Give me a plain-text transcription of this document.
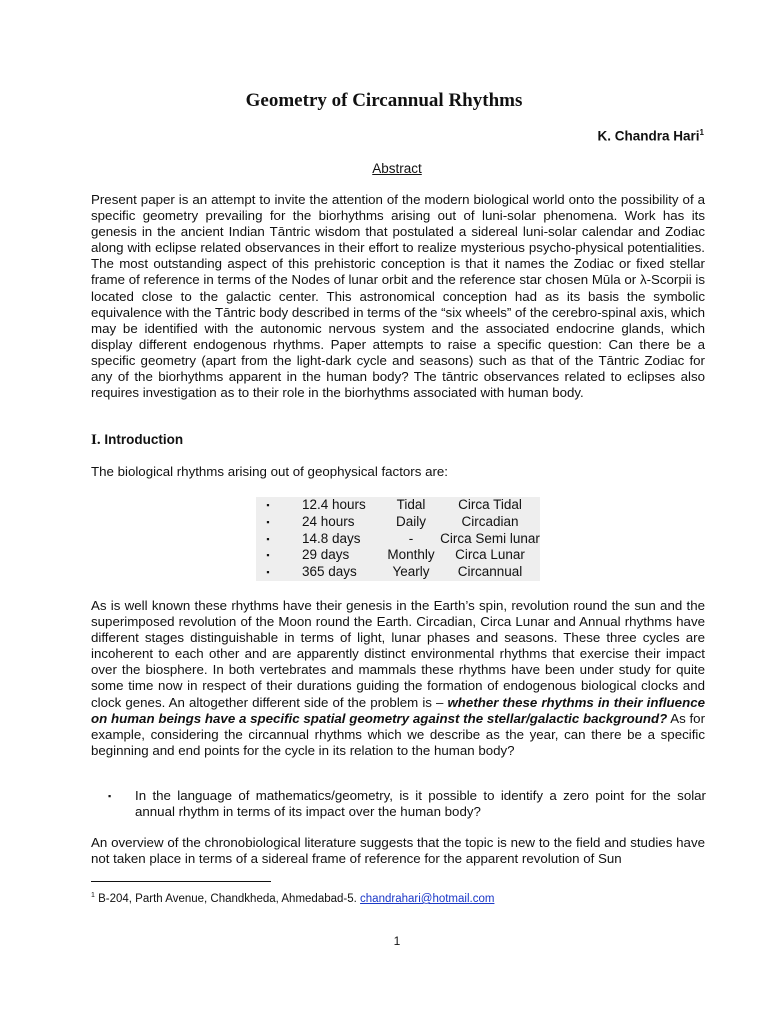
Geometry of Circannual Rhythms
K. Chandra Hari$^1$
Abstract

Present paper is an attempt to invite the attention of the modern biological world onto the possibility of a specific geometry prevailing for the biorhythms arising out of luni-solar phenomena. Work has its genesis in the ancient Indian Tāntric wisdom that postulated a sidereal luni-solar calendar and Zodiac along with eclipse related observances in their effort to realize mysterious psycho-physical potentialities. The most outstanding aspect of this prehistoric conception is that it names the Zodiac or fixed stellar frame of reference in terms of the Nodes of lunar orbit and the reference star chosen Mūla or λ-Scorpii is located close to the galactic center. This astronomical conception had as its basis the symbolic equivalence with the Tāntric body described in terms of the “six wheels” of the cerebro-spinal axis, which may be identified with the autonomic nervous system and the associated endocrine glands, which display different endogenous rhythms. Paper attempts to raise a specific question: Can there be a specific geometry (apart from the light-dark cycle and seasons) such as that of the Tāntric Zodiac for any of the biorhythms apparent in the human body? The tāntric observances related to eclipses also requires investigation as to their role in the biorhythms associated with human body.

I. Introduction

The biological rhythms arising out of geophysical factors are:

▪	12.4 hours	Tidal	Circa Tidal
▪	24 hours	Daily	Circadian
▪	14.8 days	-	Circa Semi lunar
▪	29 days	Monthly	Circa Lunar
▪	365 days	Yearly	Circannual

As is well known these rhythms have their genesis in the Earth’s spin, revolution round the sun and the superimposed revolution of the Moon round the Earth. Circadian, Circa Lunar and Annual rhythms have different stages distinguishable in terms of light, lunar phases and seasons. These three cycles are incoherent to each other and are apparently distinct environmental rhythms that exercise their impact over the biosphere. In both vertebrates and mammals these rhythms have been under study for quite some time now in respect of their durations guiding the formation of endogenous biological clocks and clock genes. An altogether different side of the problem is – whether these rhythms in their influence on human beings have a specific spatial geometry against the stellar/galactic background? As for example, considering the circannual rhythms which we describe as the year, can there be a specific beginning and end points for the cycle in its relation to the human body?

▪ In the language of mathematics/geometry, is it possible to identify a zero point for the solar annual rhythm in terms of its impact over the human body?

An overview of the chronobiological literature suggests that the topic is new to the field and studies have not taken place in terms of a sidereal frame of reference for the apparent revolution of Sun

$^1$ B-204, Parth Avenue, Chandkheda, Ahmedabad-5. chandrahari@hotmail.com
1
